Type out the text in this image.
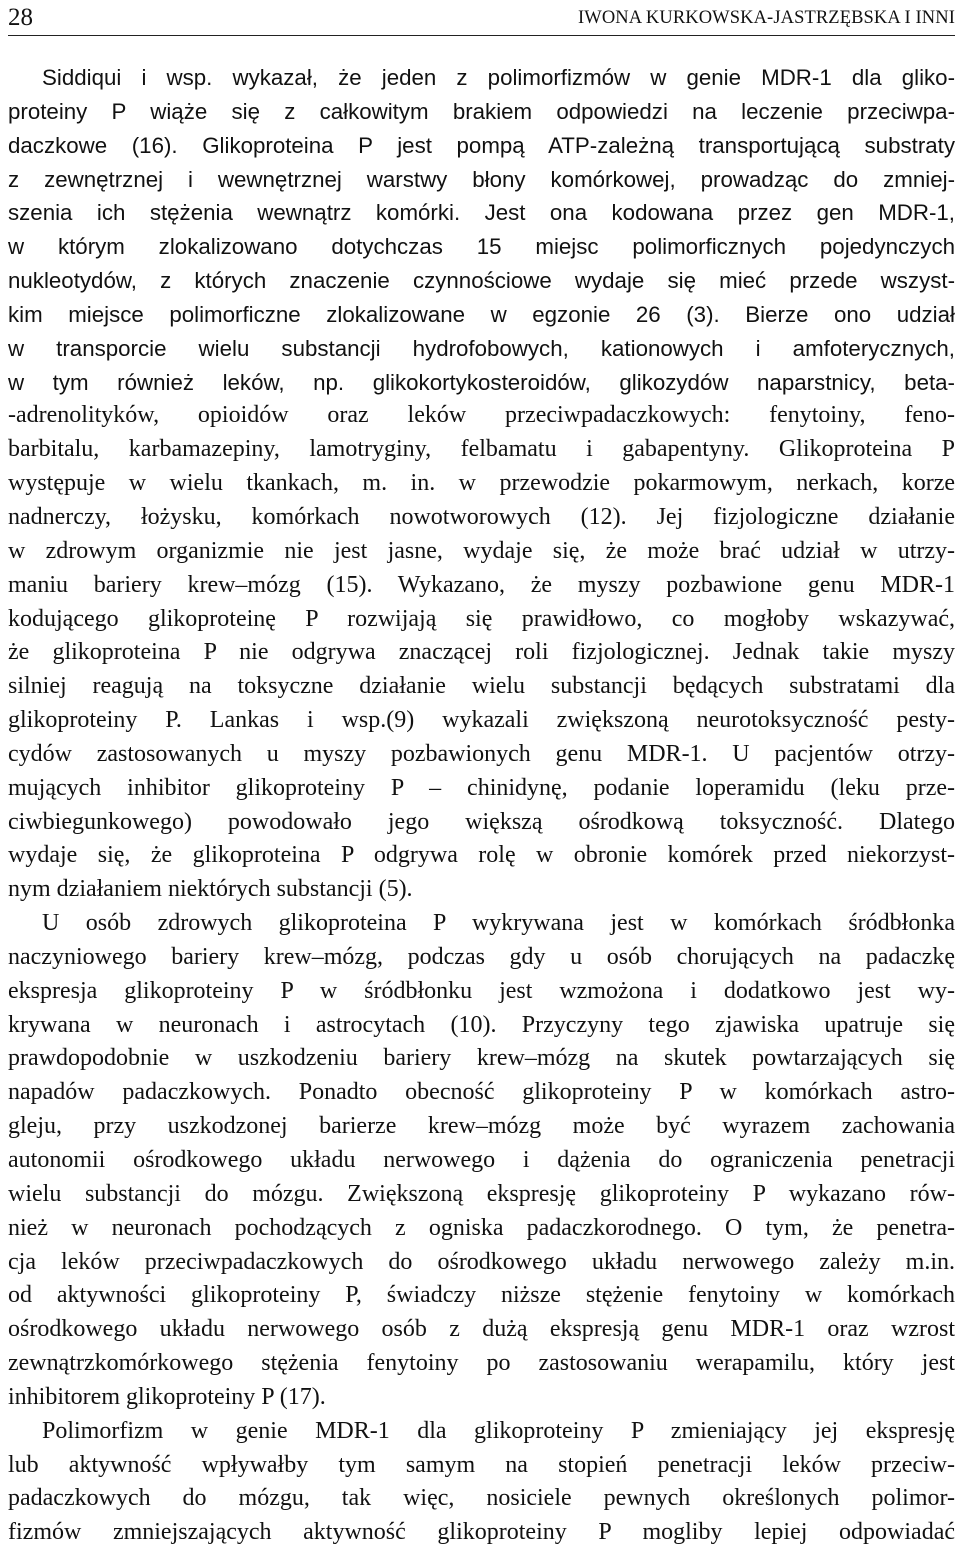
28	IWONA KURKOWSKA-JASTRZĘBSKA I INNI

Siddiqui i wsp. wykazał, że jeden z polimorfizmów w genie MDR-1 dla gliko-
proteiny P wiąże się z całkowitym brakiem odpowiedzi na leczenie przeciwpa-
daczkowe (16). Glikoproteina P jest pompą ATP-zależną transportującą substraty
z zewnętrznej i wewnętrznej warstwy błony komórkowej, prowadząc do zmniej-
szenia ich stężenia wewnątrz komórki. Jest ona kodowana przez gen MDR-1,
w którym zlokalizowano dotychczas 15 miejsc polimorficznych pojedynczych
nukleotydów, z których znaczenie czynnościowe wydaje się mieć przede wszyst-
kim miejsce polimorficzne zlokalizowane w egzonie 26 (3). Bierze ono udział
w transporcie wielu substancji hydrofobowych, kationowych i amfoterycznych,
w tym również leków, np. glikokortykosteroidów, glikozydów naparstnicy, beta-
-adrenolityków, opioidów oraz leków przeciwpadaczkowych: fenytoiny, feno-
barbitalu, karbamazepiny, lamotryginy, felbamatu i gabapentyny. Glikoproteina P
występuje w wielu tkankach, m. in. w przewodzie pokarmowym, nerkach, korze
nadnerczy, łożysku, komórkach nowotworowych (12). Jej fizjologiczne działanie
w zdrowym organizmie nie jest jasne, wydaje się, że może brać udział w utrzy-
maniu bariery krew–mózg (15). Wykazano, że myszy pozbawione genu MDR-1
kodującego glikoproteinę P rozwijają się prawidłowo, co mogłoby wskazywać,
że glikoproteina P nie odgrywa znaczącej roli fizjologicznej. Jednak takie myszy
silniej reagują na toksyczne działanie wielu substancji będących substratami dla
glikoproteiny P. Lankas i wsp.(9) wykazali zwiększoną neurotoksyczność pesty-
cydów zastosowanych u myszy pozbawionych genu MDR-1. U pacjentów otrzy-
mujących inhibitor glikoproteiny P – chinidynę, podanie loperamidu (leku prze-
ciwbiegunkowego) powodowało jego większą ośrodkową toksyczność. Dlatego
wydaje się, że glikoproteina P odgrywa rolę w obronie komórek przed niekorzyst-
nym działaniem niektórych substancji (5).

U osób zdrowych glikoproteina P wykrywana jest w komórkach śródbłonka
naczyniowego bariery krew–mózg, podczas gdy u osób chorujących na padaczkę
ekspresja glikoproteiny P w śródbłonku jest wzmożona i dodatkowo jest wy-
krywana w neuronach i astrocytach (10). Przyczyny tego zjawiska upatruje się
prawdopodobnie w uszkodzeniu bariery krew–mózg na skutek powtarzających się
napadów padaczkowych. Ponadto obecność glikoproteiny P w komórkach astro-
gleju, przy uszkodzonej barierze krew–mózg może być wyrazem zachowania
autonomii ośrodkowego układu nerwowego i dążenia do ograniczenia penetracji
wielu substancji do mózgu. Zwiększoną ekspresję glikoproteiny P wykazano rów-
nież w neuronach pochodzących z ogniska padaczkorodnego. O tym, że penetra-
cja leków przeciwpadaczkowych do ośrodkowego układu nerwowego zależy m.in.
od aktywności glikoproteiny P, świadczy niższe stężenie fenytoiny w komórkach
ośrodkowego układu nerwowego osób z dużą ekspresją genu MDR-1 oraz wzrost
zewnątrzkomórkowego stężenia fenytoiny po zastosowaniu werapamilu, który jest
inhibitorem glikoproteiny P (17).

Polimorfizm w genie MDR-1 dla glikoproteiny P zmieniający jej ekspresję
lub aktywność wpływałby tym samym na stopień penetracji leków przeciw-
padaczkowych do mózgu, tak więc, nosiciele pewnych określonych polimor-
fizmów zmniejszających aktywność glikoproteiny P mogliby lepiej odpowiadać
